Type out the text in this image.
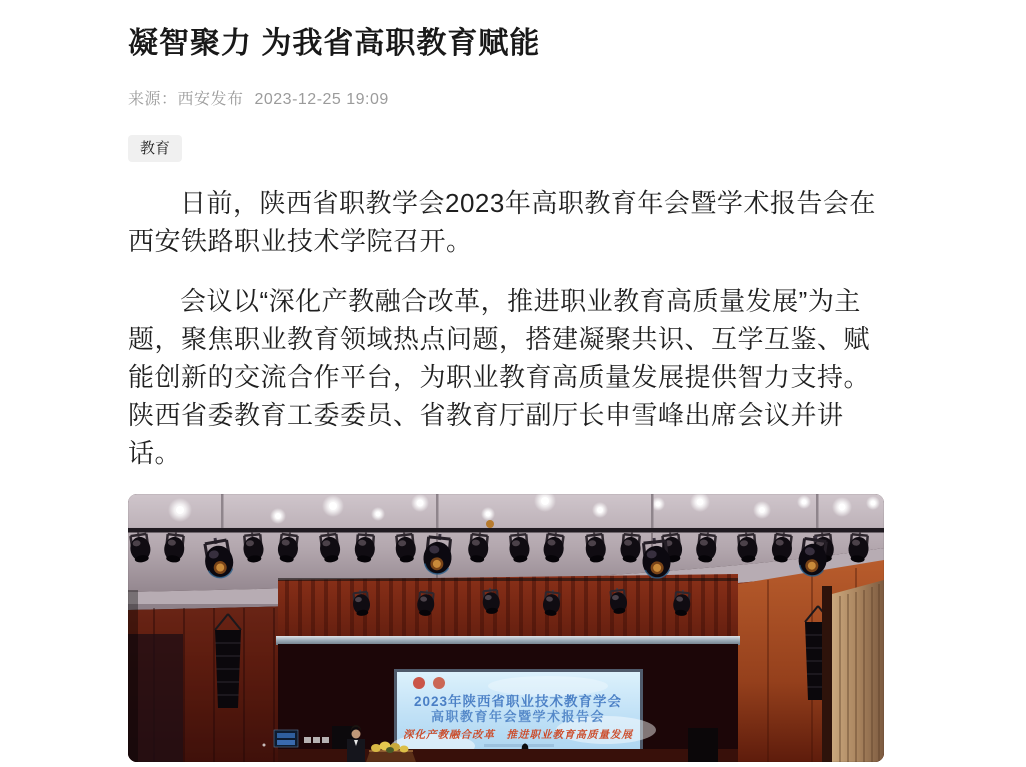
凝智聚力 为我省高职教育赋能
来源：西安发布 2023-12-25 19:09
教育

日前，陕西省职教学会2023年高职教育年会暨学术报告会在西安铁路职业技术学院召开。

会议以“深化产教融合改革，推进职业教育高质量发展”为主题，聚焦职业教育领域热点问题，搭建凝聚共识、互学互鉴、赋能创新的交流合作平台，为职业教育高质量发展提供智力支持。陕西省委教育工委委员、省教育厅副厅长申雪峰出席会议并讲话。

2023年陕西省职业技术教育学会
高职教育年会暨学术报告会
深化产教融合改革　推进职业教育高质量发展
